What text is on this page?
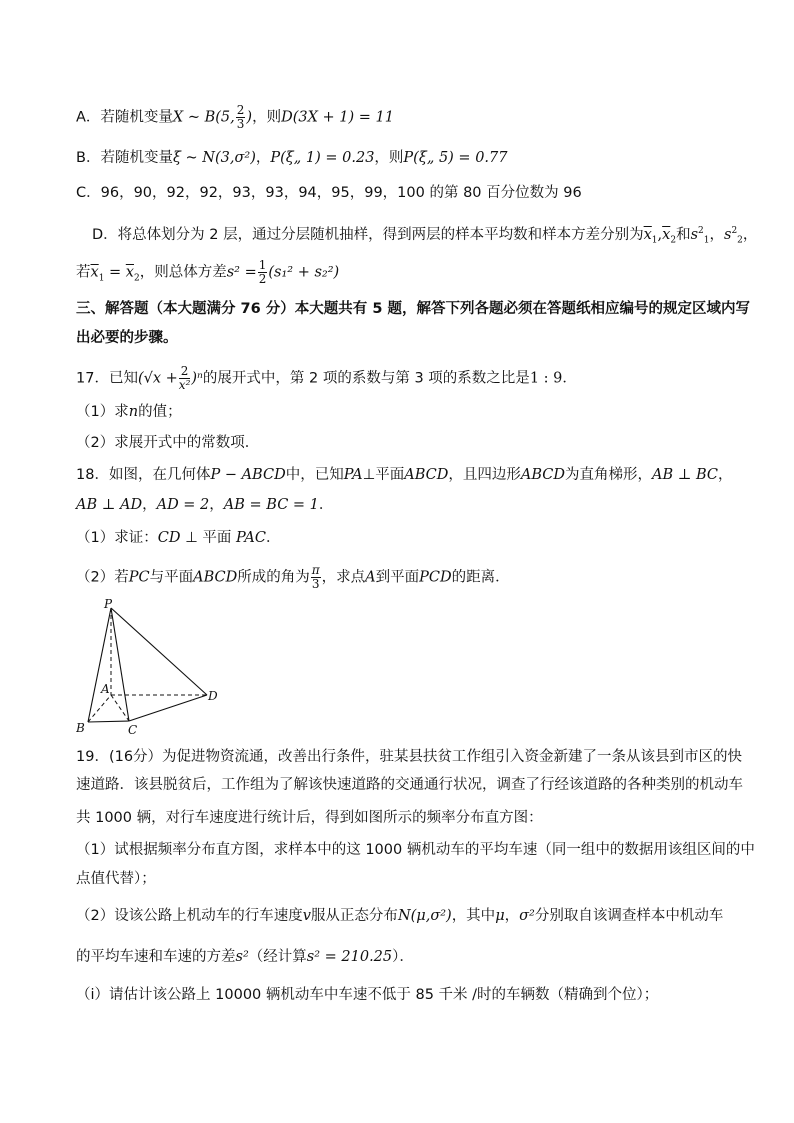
A．若随机变量X ~ B(5, $\frac{2}{3}$ )，则D(3X + 1) = 11
B．若随机变量ξ ~ N(3,σ²)，P(ξ„ 1) = 0.23，则P(ξ„ 5) = 0.77
C．96，90，92，92，93，93，94，95，99，100 的第 80 百分位数为 96
D．将总体划分为 2 层，通过分层随机抽样，得到两层的样本平均数和样本方差分别为$\overline{x}_1,\overline{x}_2$和$s^2_1$，$s^2_2$，
若$\overline{x}_1 = \overline{x}_2$，则总体方差$s^2 = \frac{1}{2} (s_1^2 + s_2^2)$
三、解答题（本大题满分 76 分）本大题共有 5 题，解答下列各题必须在答题纸相应编号的规定区域内写
出必要的步骤。
17．已知$(√x + \frac{2}{\text{x²}} )^n$的展开式中，第 2 项的系数与第 3 项的系数之比是1 : 9．
（1）求n的值；
（2）求展开式中的常数项．
18．如图，在几何体P − ABCD中，已知PA⊥平面ABCD，且四边形ABCD为直角梯形，AB ⊥ BC，
AB ⊥ AD，AD = 2，AB = BC = 1．
（1）求证：CD ⊥ 平面 PAC．
（2）若PC与平面ABCD所成的角为 $\frac{\pi}{3}$ ，求点A到平面PCD的距离．
P
A
B	C
D
19．(16分）为促进物资流通，改善出行条件，驻某县扶贫工作组引入资金新建了一条从该县到市区的快
速道路．该县脱贫后，工作组为了解该快速道路的交通通行状况，调查了行经该道路的各种类别的机动车
共 1000 辆，对行车速度进行统计后，得到如图所示的频率分布直方图：
（1）试根据频率分布直方图，求样本中的这 1000 辆机动车的平均车速（同一组中的数据用该组区间的中
点值代替）；
（2）设该公路上机动车的行车速度v服从正态分布N(μ,σ²)，其中μ，σ²分别取自该调查样本中机动车
的平均车速和车速的方差s²（经计算s² = 210.25）．
（ⅰ）请估计该公路上 10000 辆机动车中车速不低于 85 千米 /时的车辆数（精确到个位）；
